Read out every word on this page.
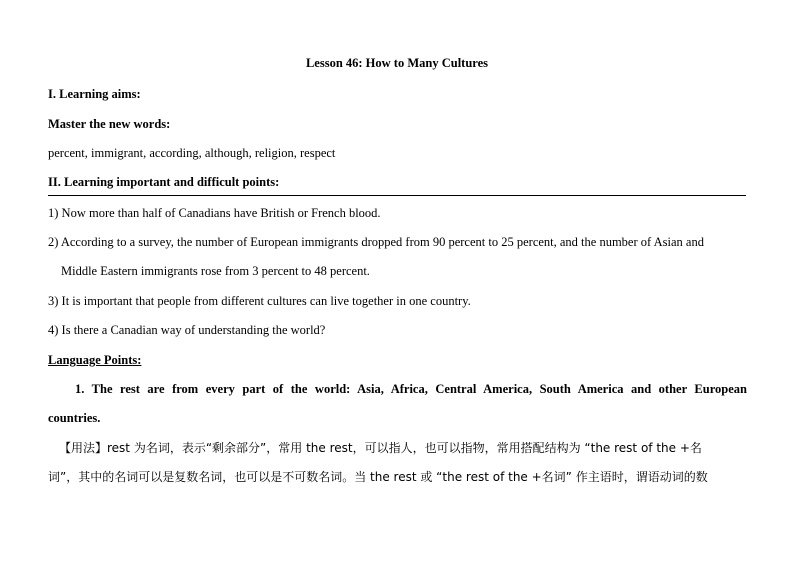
Lesson 46: How to Many Cultures
I. Learning aims:
Master the new words:
percent, immigrant, according, although, religion, respect
II. Learning important and difficult points:
1) Now more than half of Canadians have British or French blood.
2) According to a survey, the number of European immigrants dropped from 90 percent to 25 percent, and the number of Asian and
Middle Eastern immigrants rose from 3 percent to 48 percent.
3) It is important that people from different cultures can live together in one country.
4) Is there a Canadian way of understanding the world?
Language Points:
1. The rest are from every part of the world: Asia, Africa, Central America, South America and other European
countries.
【用法】rest 为名词，表示“剩余部分”，常用 the rest，可以指人，也可以指物，常用搭配结构为 “the rest of the +名
词”，其中的名词可以是复数名词，也可以是不可数名词。当 the rest 或 “the rest of the +名词” 作主语时，谓语动词的数
